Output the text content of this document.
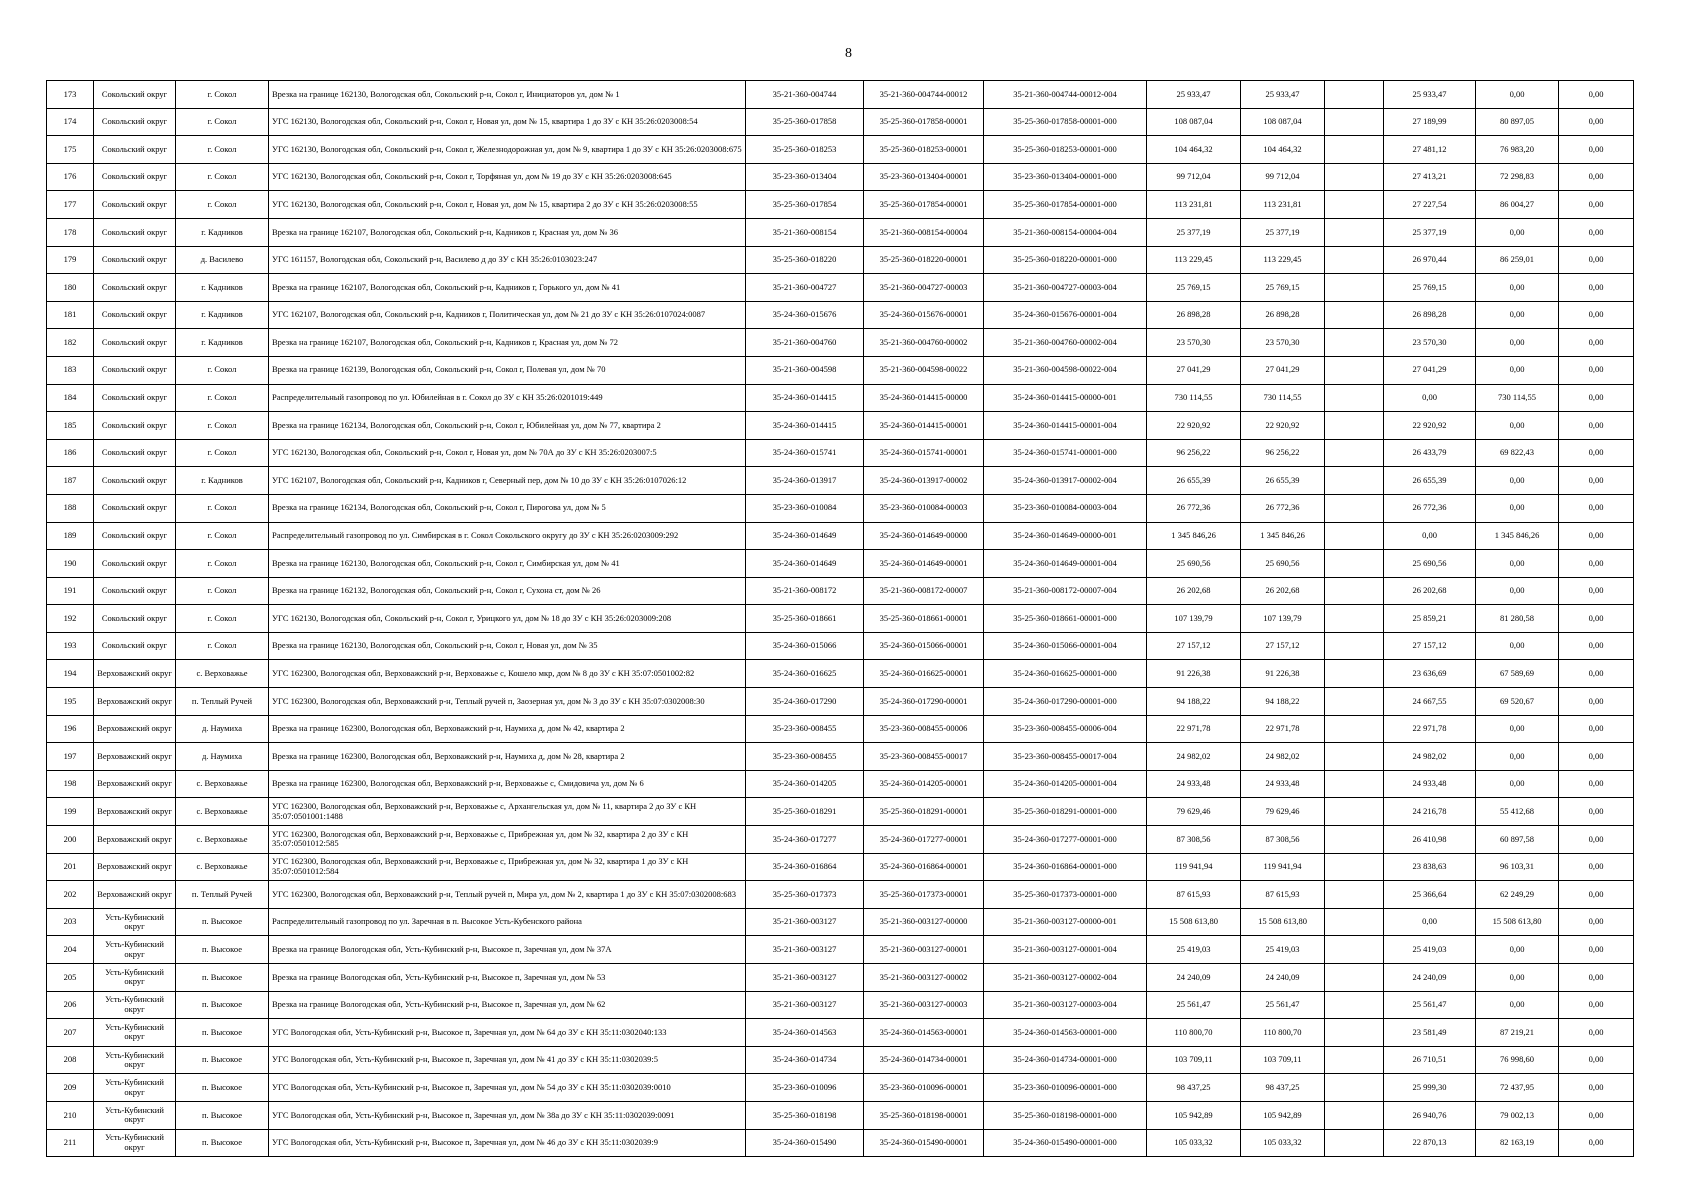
8
173	Сокольский округ	г. Сокол	Врезка на границе 162130, Вологодская обл, Сокольский р-н, Сокол г, Инициаторов ул, дом № 1	35-21-360-004744	35-21-360-004744-00012	35-21-360-004744-00012-004	25 933,47	25 933,47		25 933,47	0,00	0,00
174	Сокольский округ	г. Сокол	УГС 162130, Вологодская обл, Сокольский р-н, Сокол г, Новая ул, дом № 15, квартира 1 до ЗУ с КН 35:26:0203008:54	35-25-360-017858	35-25-360-017858-00001	35-25-360-017858-00001-000	108 087,04	108 087,04		27 189,99	80 897,05	0,00
175	Сокольский округ	г. Сокол	УГС 162130, Вологодская обл, Сокольский р-н, Сокол г, Железнодорожная ул, дом № 9, квартира 1 до ЗУ с КН 35:26:0203008:675	35-25-360-018253	35-25-360-018253-00001	35-25-360-018253-00001-000	104 464,32	104 464,32		27 481,12	76 983,20	0,00
176	Сокольский округ	г. Сокол	УГС 162130, Вологодская обл, Сокольский р-н, Сокол г, Торфяная ул, дом № 19 до ЗУ с КН 35:26:0203008:645	35-23-360-013404	35-23-360-013404-00001	35-23-360-013404-00001-000	99 712,04	99 712,04		27 413,21	72 298,83	0,00
177	Сокольский округ	г. Сокол	УГС 162130, Вологодская обл, Сокольский р-н, Сокол г, Новая ул, дом № 15, квартира 2 до ЗУ с КН 35:26:0203008:55	35-25-360-017854	35-25-360-017854-00001	35-25-360-017854-00001-000	113 231,81	113 231,81		27 227,54	86 004,27	0,00
178	Сокольский округ	г. Кадников	Врезка на границе 162107, Вологодская обл, Сокольский р-н, Кадников г, Красная ул, дом № 36	35-21-360-008154	35-21-360-008154-00004	35-21-360-008154-00004-004	25 377,19	25 377,19		25 377,19	0,00	0,00
179	Сокольский округ	д. Василево	УГС 161157, Вологодская обл, Сокольский р-н, Василево д до ЗУ с КН 35:26:0103023:247	35-25-360-018220	35-25-360-018220-00001	35-25-360-018220-00001-000	113 229,45	113 229,45		26 970,44	86 259,01	0,00
180	Сокольский округ	г. Кадников	Врезка на границе 162107, Вологодская обл, Сокольский р-н, Кадников г, Горького ул, дом № 41	35-21-360-004727	35-21-360-004727-00003	35-21-360-004727-00003-004	25 769,15	25 769,15		25 769,15	0,00	0,00
181	Сокольский округ	г. Кадников	УГС 162107, Вологодская обл, Сокольский р-н, Кадников г, Политическая ул, дом № 21 до ЗУ с КН 35:26:0107024:0087	35-24-360-015676	35-24-360-015676-00001	35-24-360-015676-00001-004	26 898,28	26 898,28		26 898,28	0,00	0,00
182	Сокольский округ	г. Кадников	Врезка на границе 162107, Вологодская обл, Сокольский р-н, Кадников г, Красная ул, дом № 72	35-21-360-004760	35-21-360-004760-00002	35-21-360-004760-00002-004	23 570,30	23 570,30		23 570,30	0,00	0,00
183	Сокольский округ	г. Сокол	Врезка на границе 162139, Вологодская обл, Сокольский р-н, Сокол г, Полевая ул, дом № 70	35-21-360-004598	35-21-360-004598-00022	35-21-360-004598-00022-004	27 041,29	27 041,29		27 041,29	0,00	0,00
184	Сокольский округ	г. Сокол	Распределительный газопровод по ул. Юбилейная в г. Сокол до ЗУ с КН 35:26:0201019:449	35-24-360-014415	35-24-360-014415-00000	35-24-360-014415-00000-001	730 114,55	730 114,55		0,00	730 114,55	0,00
185	Сокольский округ	г. Сокол	Врезка на границе 162134, Вологодская обл, Сокольский р-н, Сокол г, Юбилейная ул, дом № 77, квартира 2	35-24-360-014415	35-24-360-014415-00001	35-24-360-014415-00001-004	22 920,92	22 920,92		22 920,92	0,00	0,00
186	Сокольский округ	г. Сокол	УГС 162130, Вологодская обл, Сокольский р-н, Сокол г, Новая ул, дом № 70А до ЗУ с КН 35:26:0203007:5	35-24-360-015741	35-24-360-015741-00001	35-24-360-015741-00001-000	96 256,22	96 256,22		26 433,79	69 822,43	0,00
187	Сокольский округ	г. Кадников	УГС 162107, Вологодская обл, Сокольский р-н, Кадников г, Северный пер, дом № 10 до ЗУ с КН 35:26:0107026:12	35-24-360-013917	35-24-360-013917-00002	35-24-360-013917-00002-004	26 655,39	26 655,39		26 655,39	0,00	0,00
188	Сокольский округ	г. Сокол	Врезка на границе 162134, Вологодская обл, Сокольский р-н, Сокол г, Пирогова ул, дом № 5	35-23-360-010084	35-23-360-010084-00003	35-23-360-010084-00003-004	26 772,36	26 772,36		26 772,36	0,00	0,00
189	Сокольский округ	г. Сокол	Распределительный газопровод по ул. Симбирская в г. Сокол Сокольского округу до ЗУ с КН 35:26:0203009:292	35-24-360-014649	35-24-360-014649-00000	35-24-360-014649-00000-001	1 345 846,26	1 345 846,26		0,00	1 345 846,26	0,00
190	Сокольский округ	г. Сокол	Врезка на границе 162130, Вологодская обл, Сокольский р-н, Сокол г, Симбирская ул, дом № 41	35-24-360-014649	35-24-360-014649-00001	35-24-360-014649-00001-004	25 690,56	25 690,56		25 690,56	0,00	0,00
191	Сокольский округ	г. Сокол	Врезка на границе 162132, Вологодская обл, Сокольский р-н, Сокол г, Сухона ст, дом № 26	35-21-360-008172	35-21-360-008172-00007	35-21-360-008172-00007-004	26 202,68	26 202,68		26 202,68	0,00	0,00
192	Сокольский округ	г. Сокол	УГС 162130, Вологодская обл, Сокольский р-н, Сокол г, Урицкого ул, дом № 18 до ЗУ с КН 35:26:0203009:208	35-25-360-018661	35-25-360-018661-00001	35-25-360-018661-00001-000	107 139,79	107 139,79		25 859,21	81 280,58	0,00
193	Сокольский округ	г. Сокол	Врезка на границе 162130, Вологодская обл, Сокольский р-н, Сокол г, Новая ул, дом № 35	35-24-360-015066	35-24-360-015066-00001	35-24-360-015066-00001-004	27 157,12	27 157,12		27 157,12	0,00	0,00
194	Верховажский округ	с. Верховажье	УГС 162300, Вологодская обл, Верховажский р-н, Верховажье с, Кошело мкр, дом № 8 до ЗУ с КН 35:07:0501002:82	35-24-360-016625	35-24-360-016625-00001	35-24-360-016625-00001-000	91 226,38	91 226,38		23 636,69	67 589,69	0,00
195	Верховажский округ	п. Теплый Ручей	УГС 162300, Вологодская обл, Верховажский р-н, Теплый ручей п, Заозерная ул, дом № 3 до ЗУ с КН 35:07:0302008:30	35-24-360-017290	35-24-360-017290-00001	35-24-360-017290-00001-000	94 188,22	94 188,22		24 667,55	69 520,67	0,00
196	Верховажский округ	д. Наумиха	Врезка на границе 162300, Вологодская обл, Верховажский р-н, Наумиха д, дом № 42, квартира 2	35-23-360-008455	35-23-360-008455-00006	35-23-360-008455-00006-004	22 971,78	22 971,78		22 971,78	0,00	0,00
197	Верховажский округ	д. Наумиха	Врезка на границе 162300, Вологодская обл, Верховажский р-н, Наумиха д, дом № 28, квартира 2	35-23-360-008455	35-23-360-008455-00017	35-23-360-008455-00017-004	24 982,02	24 982,02		24 982,02	0,00	0,00
198	Верховажский округ	с. Верховажье	Врезка на границе 162300, Вологодская обл, Верховажский р-н, Верховажье с, Смидовича ул, дом № 6	35-24-360-014205	35-24-360-014205-00001	35-24-360-014205-00001-004	24 933,48	24 933,48		24 933,48	0,00	0,00
199	Верховажский округ	с. Верховажье	УГС 162300, Вологодская обл, Верховажский р-н, Верховажье с, Архангельская ул, дом № 11, квартира 2 до ЗУ с КН 35:07:0501001:1488	35-25-360-018291	35-25-360-018291-00001	35-25-360-018291-00001-000	79 629,46	79 629,46		24 216,78	55 412,68	0,00
200	Верховажский округ	с. Верховажье	УГС 162300, Вологодская обл, Верховажский р-н, Верховажье с, Прибрежная ул, дом № 32, квартира 2 до ЗУ с КН 35:07:0501012:585	35-24-360-017277	35-24-360-017277-00001	35-24-360-017277-00001-000	87 308,56	87 308,56		26 410,98	60 897,58	0,00
201	Верховажский округ	с. Верховажье	УГС 162300, Вологодская обл, Верховажский р-н, Верховажье с, Прибрежная ул, дом № 32, квартира 1 до ЗУ с КН 35:07:0501012:584	35-24-360-016864	35-24-360-016864-00001	35-24-360-016864-00001-000	119 941,94	119 941,94		23 838,63	96 103,31	0,00
202	Верховажский округ	п. Теплый Ручей	УГС 162300, Вологодская обл, Верховажский р-н, Теплый ручей п, Мира ул, дом № 2, квартира 1 до ЗУ с КН 35:07:0302008:683	35-25-360-017373	35-25-360-017373-00001	35-25-360-017373-00001-000	87 615,93	87 615,93		25 366,64	62 249,29	0,00
203	Усть-Кубинский округ	п. Высокое	Распределительный газопровод по ул. Заречная в п. Высокое Усть-Кубенского района	35-21-360-003127	35-21-360-003127-00000	35-21-360-003127-00000-001	15 508 613,80	15 508 613,80		0,00	15 508 613,80	0,00
204	Усть-Кубинский округ	п. Высокое	Врезка на границе Вологодская обл, Усть-Кубинский р-н, Высокое п, Заречная ул, дом № 37А	35-21-360-003127	35-21-360-003127-00001	35-21-360-003127-00001-004	25 419,03	25 419,03		25 419,03	0,00	0,00
205	Усть-Кубинский округ	п. Высокое	Врезка на границе Вологодская обл, Усть-Кубинский р-н, Высокое п, Заречная ул, дом № 53	35-21-360-003127	35-21-360-003127-00002	35-21-360-003127-00002-004	24 240,09	24 240,09		24 240,09	0,00	0,00
206	Усть-Кубинский округ	п. Высокое	Врезка на границе Вологодская обл, Усть-Кубинский р-н, Высокое п, Заречная ул, дом № 62	35-21-360-003127	35-21-360-003127-00003	35-21-360-003127-00003-004	25 561,47	25 561,47		25 561,47	0,00	0,00
207	Усть-Кубинский округ	п. Высокое	УГС Вологодская обл, Усть-Кубинский р-н, Высокое п, Заречная ул, дом № 64 до ЗУ с КН 35:11:0302040:133	35-24-360-014563	35-24-360-014563-00001	35-24-360-014563-00001-000	110 800,70	110 800,70		23 581,49	87 219,21	0,00
208	Усть-Кубинский округ	п. Высокое	УГС Вологодская обл, Усть-Кубинский р-н, Высокое п, Заречная ул, дом № 41 до ЗУ с КН 35:11:0302039:5	35-24-360-014734	35-24-360-014734-00001	35-24-360-014734-00001-000	103 709,11	103 709,11		26 710,51	76 998,60	0,00
209	Усть-Кубинский округ	п. Высокое	УГС Вологодская обл, Усть-Кубинский р-н, Высокое п, Заречная ул, дом № 54 до ЗУ с КН 35:11:0302039:0010	35-23-360-010096	35-23-360-010096-00001	35-23-360-010096-00001-000	98 437,25	98 437,25		25 999,30	72 437,95	0,00
210	Усть-Кубинский округ	п. Высокое	УГС Вологодская обл, Усть-Кубинский р-н, Высокое п, Заречная ул, дом № 38а до ЗУ с КН 35:11:0302039:0091	35-25-360-018198	35-25-360-018198-00001	35-25-360-018198-00001-000	105 942,89	105 942,89		26 940,76	79 002,13	0,00
211	Усть-Кубинский округ	п. Высокое	УГС Вологодская обл, Усть-Кубинский р-н, Высокое п, Заречная ул, дом № 46 до ЗУ с КН 35:11:0302039:9	35-24-360-015490	35-24-360-015490-00001	35-24-360-015490-00001-000	105 033,32	105 033,32		22 870,13	82 163,19	0,00
